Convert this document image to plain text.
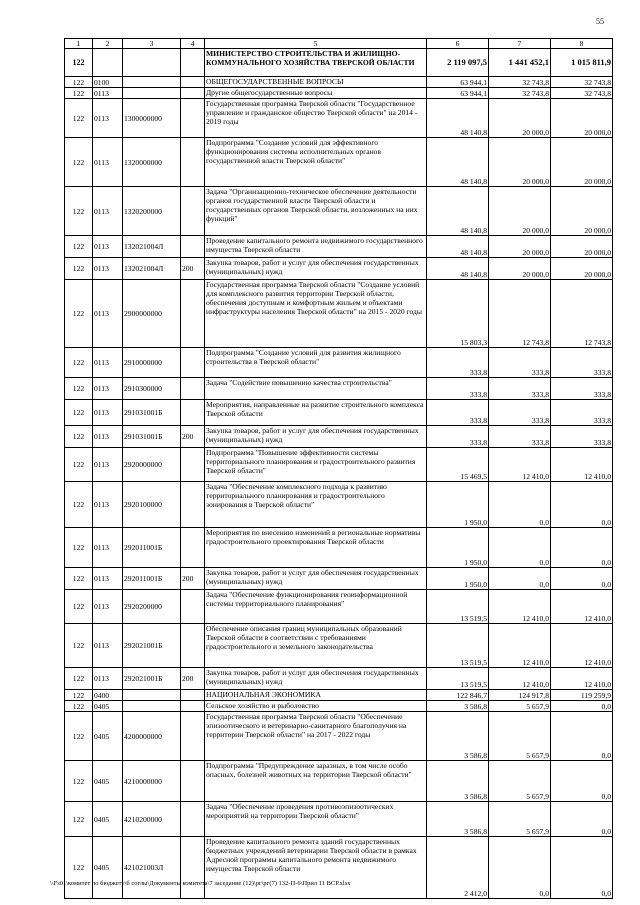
55
1	2	3	4	5	6	7	8
122				МИНИСТЕРСТВО СТРОИТЕЛЬСТВА И ЖИЛИЩНО-КОММУНАЛЬНОГО ХОЗЯЙСТВА ТВЕРСКОЙ ОБЛАСТИ	2 119 097,5	1 441 452,1	1 015 811,9
122	0100			ОБЩЕГОСУДАРСТВЕННЫЕ ВОПРОСЫ	63 944,1	32 743,8	32 743,8
122	0113			Другие общегосударственные вопросы	63 944,1	32 743,8	32 743,8
122	0113	1300000000		Государственная программа Тверской области "Государственное управление и гражданское общество Тверской области" на 2014 - 2019 годы	48 140,8	20 000,0	20 000,0
122	0113	1320000000		Подпрограмма "Создание условий для эффективного функционирования системы исполнительных органов государственной власти Тверской области"	48 140,8	20 000,0	20 000,0
122	0113	1320200000		Задача "Организационно-техническое обеспечение деятельности органов государственной власти Тверской области и государственных органов Тверской области, возложенных на них функций"	48 140,8	20 000,0	20 000,0
122	0113	132021004Л		Проведение капитального ремонта недвижимого государственного имущества Тверской области	48 140,8	20 000,0	20 000,0
122	0113	132021004Л	200	Закупка товаров, работ и услуг для обеспечения государственных (муниципальных) нужд	48 140,8	20 000,0	20 000,0
122	0113	2900000000		Государственная программа Тверской области "Создание условий для комплексного развития территории Тверской области, обеспечения доступным и комфортным жильем и объектами инфраструктуры населения Тверской области" на 2015 - 2020 годы	15 803,3	12 743,8	12 743,8
122	0113	2910000000		Подпрограмма "Создание условий для развития жилищного строительства в Тверской области"	333,8	333,8	333,8
122	0113	2910300000		Задача "Содействие повышению качества строительства"	333,8	333,8	333,8
122	0113	291031001Б		Мероприятия, направленные на развитие строительного комплекса Тверской области	333,8	333,8	333,8
122	0113	291031001Б	200	Закупка товаров, работ и услуг для обеспечения государственных (муниципальных) нужд	333,8	333,8	333,8
122	0113	2920000000		Подпрограмма "Повышение эффективности системы территориального планирования и градостроительного развития Тверской области"	15 469,5	12 410,0	12 410,0
122	0113	2920100000		Задача "Обеспечение комплексного подхода к развитию территориального планирования и градостроительного зонирования в Тверской области"	1 950,0	0,0	0,0
122	0113	292011001Б		Мероприятия по внесению изменений в региональные нормативы градостроительного проектирования Тверской области	1 950,0	0,0	0,0
122	0113	292011001Б	200	Закупка товаров, работ и услуг для обеспечения государственных (муниципальных) нужд	1 950,0	0,0	0,0
122	0113	2920200000		Задача "Обеспечение функционирования геоинформационной системы территориального планирования"	13 519,5	12 410,0	12 410,0
122	0113	292021001Б		Обеспечение описания границ муниципальных образований Тверской области в соответствии с требованиями градостроительного и земельного законодательства	13 519,5	12 410,0	12 410,0
122	0113	292021001Б	200	Закупка товаров, работ и услуг для обеспечения государственных (муниципальных) нужд	13 519,5	12 410,0	12 410,0
122	0400			НАЦИОНАЛЬНАЯ ЭКОНОМИКА	122 846,7	124 917,8	119 259,9
122	0405			Сельское хозяйство и рыболовство	3 586,8	5 657,9	0,0
122	0405	4200000000		Государственная программа Тверской области "Обеспечение эпизоотического и ветеринарно-санитарного благополучия на территории Тверской области" на 2017 - 2022 годы	3 586,8	5 657,9	0,0
122	0405	4210000000		Подпрограмма "Предупреждение заразных, в том числе особо опасных, болезней животных на территории Тверской области"	3 586,8	5 657,9	0,0
122	0405	4210200000		Задача "Обеспечение проведения противоэпизоотических мероприятий на территории Тверской области"	3 586,8	5 657,9	0,0
122	0405	421021003Л		Проведение капитального ремонта зданий государственных бюджетных учреждений ветеринарии Тверской области в рамках Адресной программы капитального ремонта недвижимого имущества Тверской области	2 412,0	0,0	0,0
\\Fs01\комитет по бюджету\б соглы\Документы комитета\7 заседание (12)\рг\рг(7) 132-П-6\Прил 11 ВСР.xlsx
